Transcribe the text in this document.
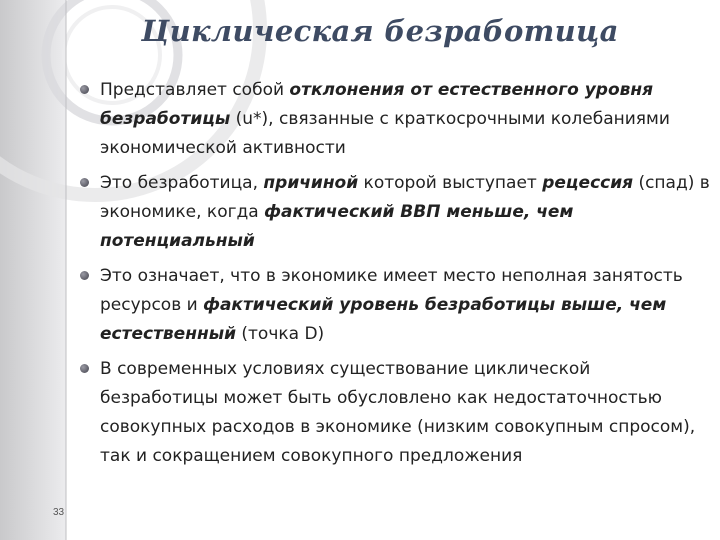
Циклическая безработица
Представляет собой отклонения от естественного уровня безработицы (u*), связанные с краткосрочными колебаниями экономической активности
Это безработица, причиной которой выступает рецессия (спад) в экономике, когда фактический ВВП меньше, чем потенциальный
Это означает, что в экономике имеет место неполная занятость ресурсов и фактический уровень безработицы выше, чем естественный (точка D)
В современных условиях существование циклической безработицы может быть обусловлено как недостаточностью совокупных расходов в экономике (низким совокупным спросом), так и сокращением совокупного предложения
33
